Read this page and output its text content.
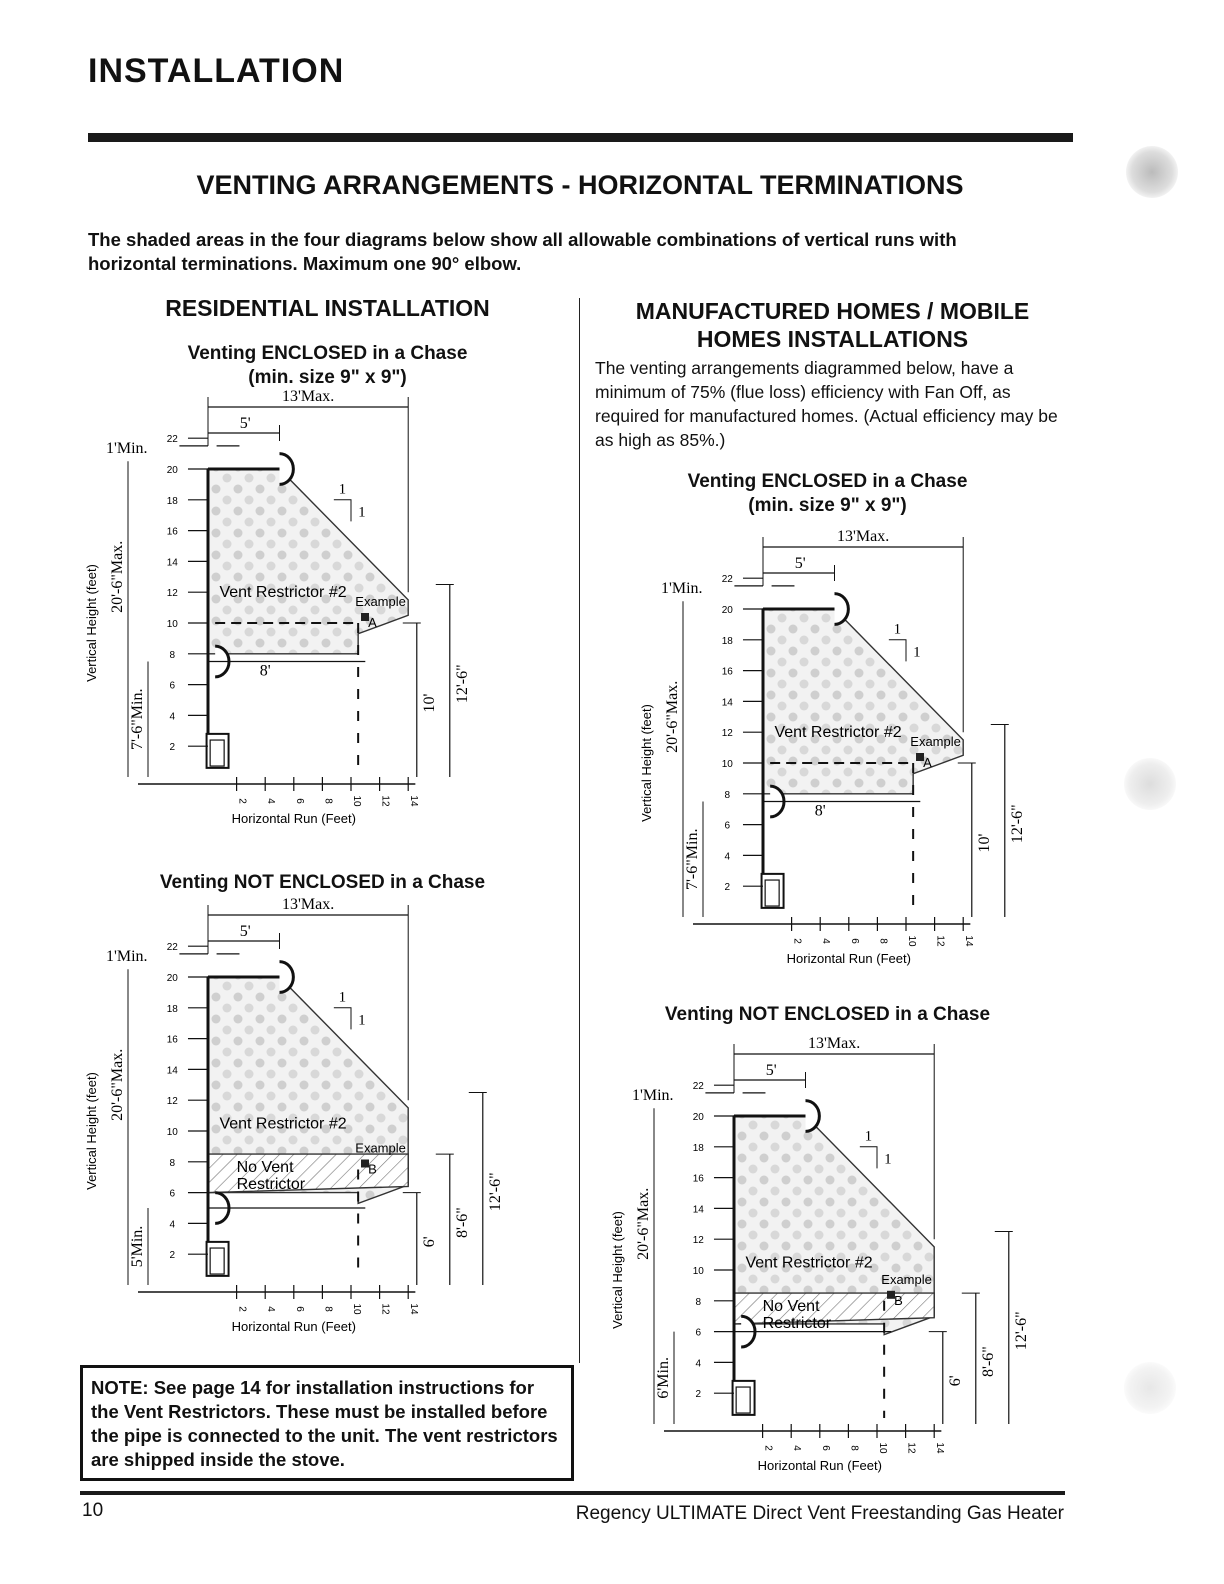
INSTALLATION
VENTING ARRANGEMENTS - HORIZONTAL TERMINATIONS
The shaded areas in the four diagrams below show all allowable combinations of vertical runs with horizontal terminations. Maximum one 90° elbow.
RESIDENTIAL INSTALLATION	MANUFACTURED HOMES / MOBILE
HOMES INSTALLATIONS
The venting arrangements diagrammed below, have a minimum of 75% (flue loss) efficiency with Fan Off, as required for manufactured homes. (Actual efficiency may be as high as 85%.)
Venting ENCLOSED in a Chase
(min. size 9" x 9")
Venting NOT ENCLOSED in a Chase
Venting ENCLOSED in a Chase
(min. size 9" x 9")
Venting NOT ENCLOSED in a Chase
22
20
18
16
14
12
10
8
6
4
2
2 4 6 8 10 12 14
Horizontal Run (Feet)
Vertical Height (feet)
13'Max.
5'
1'Min.
1
1
Vent Restrictor #2
20'-6"Max.
7'-6"Min.	10' 12'-6"
Example
A
8'
22
20
18
16
14
12
10
8
6
4
2
2 4 6 8 10 12 14
Horizontal Run (Feet)
Vertical Height (feet)
13'Max.
5'
1'Min.
1
1
Vent Restrictor #2
20'-6"Max.
5'Min.	6'
8'-6"
12'-6"
Example
B
No Vent
Restrictor
22
20
18
16
14
12
10
8
6
4
2
2 4 6 8 10 12 14
Horizontal Run (Feet)
Vertical Height (feet)
13'Max.
5'
1'Min.
1
1
Vent Restrictor #2
20'-6"Max.
7'-6"Min.	10' 12'-6"
Example
A
8'
22
20
18
16
14
12
10
8
6
4
2
2 4 6 8 10 12 14
Horizontal Run (Feet)
Vertical Height (feet)
13'Max.
5'
1'Min.
1
1
Vent Restrictor #2
20'-6"Max.
6'Min.	6'
8'-6"
12'-6"
Example
B
No Vent
Restrictor
NOTE: See page 14 for installation instructions for the Vent Restrictors. These must be installed before the pipe is connected to the unit. The vent restrictors are shipped inside the stove.
10	Regency ULTIMATE Direct Vent Freestanding Gas Heater
